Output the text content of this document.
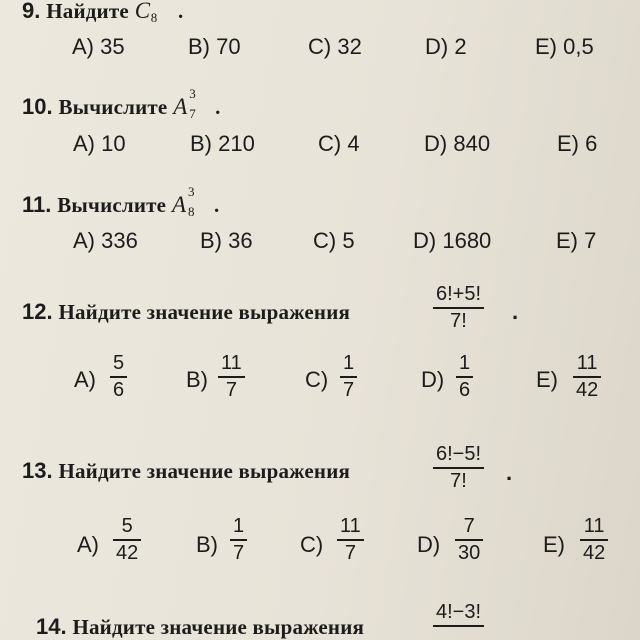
9. Найдите C 8 .
A) 35	B) 70	C) 32	D) 2	E) 0,5
10. Вычислите A
3
7 .
A) 10	B) 210	C) 4	D) 840	E) 6
11. Вычислите A
3
8 .
A) 336	B) 36	C) 5	D) 1680	E) 7
12. Найдите значение выражения
6!+5!
7! .
A)
5
6	B)
11
7	C)
1
7	D)
1
6	E)
11
42
13. Найдите значение выражения
6!−5!
7! .
A)
5
42	B)
1
7	C)
11
7	D)
7
30	E)
11
42
14. Найдите значение выражения
4!−3!
